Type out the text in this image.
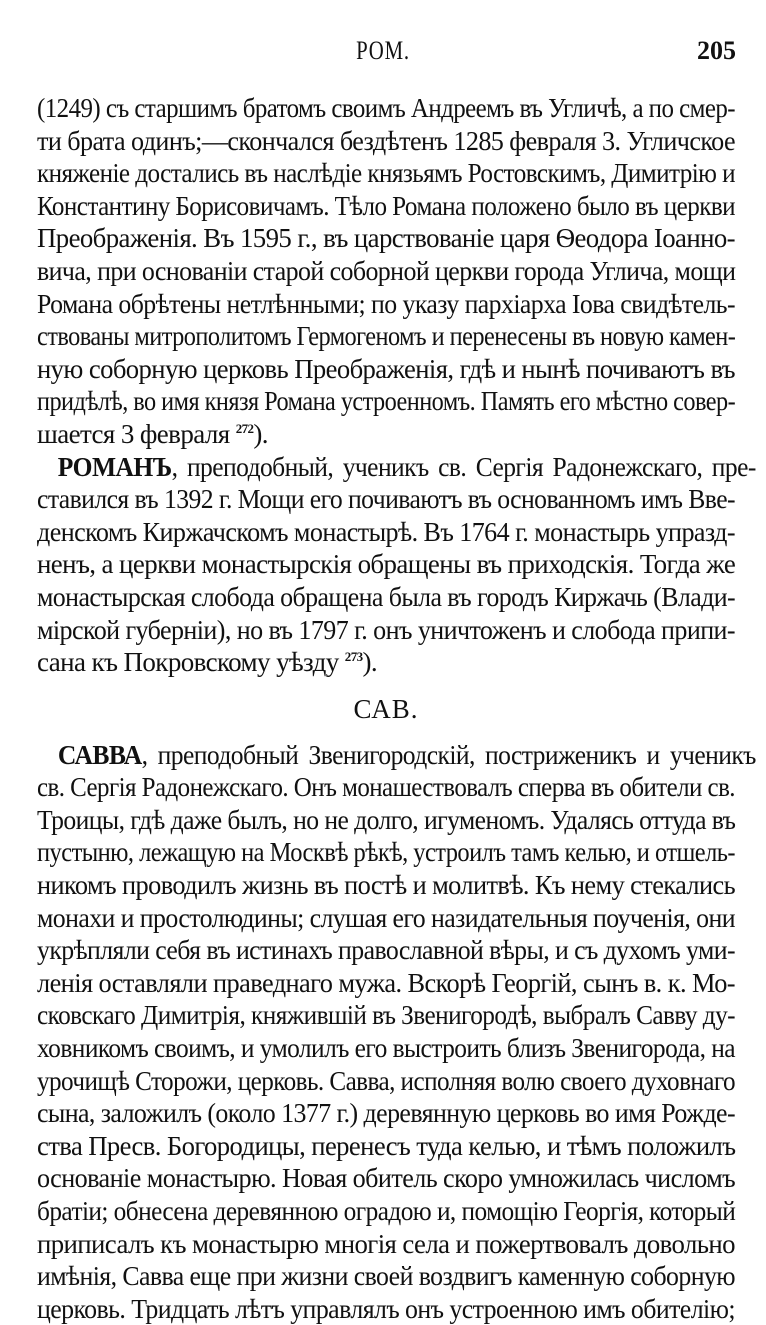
РОМ.	205
(1249) съ старшимъ братомъ своимъ Андреемъ въ Угличѣ, а по смер-
ти брата одинъ;—скончался бездѣтенъ 1285 февраля 3. Угличское
княженіе достались въ наслѣдіе князьямъ Ростовскимъ, Димитрію и
Константину Борисовичамъ. Тѣло Романа положено было въ церкви
Преображенія. Въ 1595 г., въ царствованіе царя Ѳеодора Іоанно-
вича, при основаніи старой соборной церкви города Углича, мощи
Романа обрѣтены нетлѣнными; по указу пархіарха Іова свидѣтель-
ствованы митрополитомъ Гермогеномъ и перенесены въ новую камен-
ную соборную церковь Преображенія, гдѣ и нынѣ почиваютъ въ
придѣлѣ, во имя князя Романа устроенномъ. Память его мѣстно совер-
шается 3 февраля $^{272}$).
РОМАНЪ, преподобный, ученикъ св. Сергія Радонежскаго, пре-
ставился въ 1392 г. Мощи его почиваютъ въ основанномъ имъ Вве-
денскомъ Киржачскомъ монастырѣ. Въ 1764 г. монастырь упразд-
ненъ, а церкви монастырскія обращены въ приходскія. Тогда же
монастырская слобода обращена была въ городъ Киржачь (Влади-
мірской губерніи), но въ 1797 г. онъ уничтоженъ и слобода припи-
сана къ Покровскому уѣзду $^{273}$).
САВ.
САВВА, преподобный Звенигородскій, постриженикъ и ученикъ
св. Сергія Радонежскаго. Онъ монашествовалъ сперва въ обители св.
Троицы, гдѣ даже былъ, но не долго, игуменомъ. Удалясь оттуда въ
пустыню, лежащую на Москвѣ рѣкѣ, устроилъ тамъ келью, и отшель-
никомъ проводилъ жизнь въ постѣ и молитвѣ. Къ нему стекались
монахи и простолюдины; слушая его назидательныя поученія, они
укрѣпляли себя въ истинахъ православной вѣры, и съ духомъ уми-
ленія оставляли праведнаго мужа. Вскорѣ Георгій, сынъ в. к. Мо-
сковскаго Димитрія, княжившій въ Звенигородѣ, выбралъ Савву ду-
ховникомъ своимъ, и умолилъ его выстроить близъ Звенигорода, на
урочищѣ Сторожи, церковь. Савва, исполняя волю своего духовнаго
сына, заложилъ (около 1377 г.) деревянную церковь во имя Рожде-
ства Пресв. Богородицы, перенесъ туда келью, и тѣмъ положилъ
основаніе монастырю. Новая обитель скоро умножилась числомъ
братіи; обнесена деревянною оградою и, помощію Георгія, который
приписалъ къ монастырю многія села и пожертвовалъ довольно
имѣнія, Савва еще при жизни своей воздвигъ каменную соборную
церковь. Тридцать лѣтъ управлялъ онъ устроенною имъ обителію;
